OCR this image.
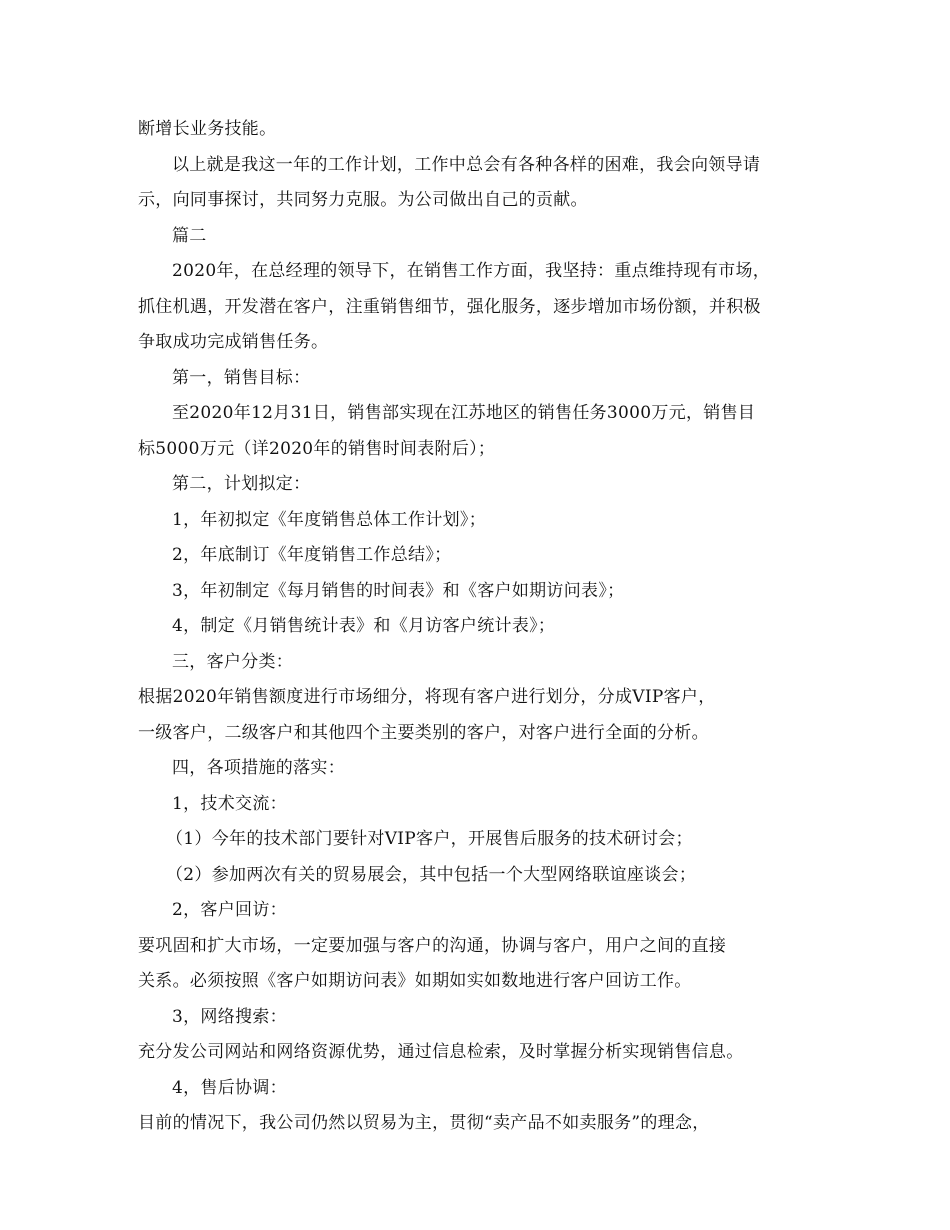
断增长业务技能。
以上就是我这一年的工作计划，工作中总会有各种各样的困难，我会向领导请
示，向同事探讨，共同努力克服。为公司做出自己的贡献。
篇二
2020年，在总经理的领导下，在销售工作方面，我坚持：重点维持现有市场，
抓住机遇，开发潜在客户，注重销售细节，强化服务，逐步增加市场份额，并积极
争取成功完成销售任务。
第一，销售目标：
至2020年12月31日，销售部实现在江苏地区的销售任务3000万元，销售目
标5000万元（详2020年的销售时间表附后）；
第二，计划拟定：
1，年初拟定《年度销售总体工作计划》；
2，年底制订《年度销售工作总结》；
3，年初制定《每月销售的时间表》和《客户如期访问表》；
4，制定《月销售统计表》和《月访客户统计表》；
三，客户分类：
根据2020年销售额度进行市场细分，将现有客户进行划分，分成VIP客户，
一级客户，二级客户和其他四个主要类别的客户，对客户进行全面的分析。
四，各项措施的落实：
1，技术交流：
（1）今年的技术部门要针对VIP客户，开展售后服务的技术研讨会；
（2）参加两次有关的贸易展会，其中包括一个大型网络联谊座谈会；
2，客户回访：
要巩固和扩大市场，一定要加强与客户的沟通，协调与客户，用户之间的直接
关系。必须按照《客户如期访问表》如期如实如数地进行客户回访工作。
3，网络搜索：
充分发公司网站和网络资源优势，通过信息检索，及时掌握分析实现销售信息。
4，售后协调：
目前的情况下，我公司仍然以贸易为主，贯彻“卖产品不如卖服务”的理念，
